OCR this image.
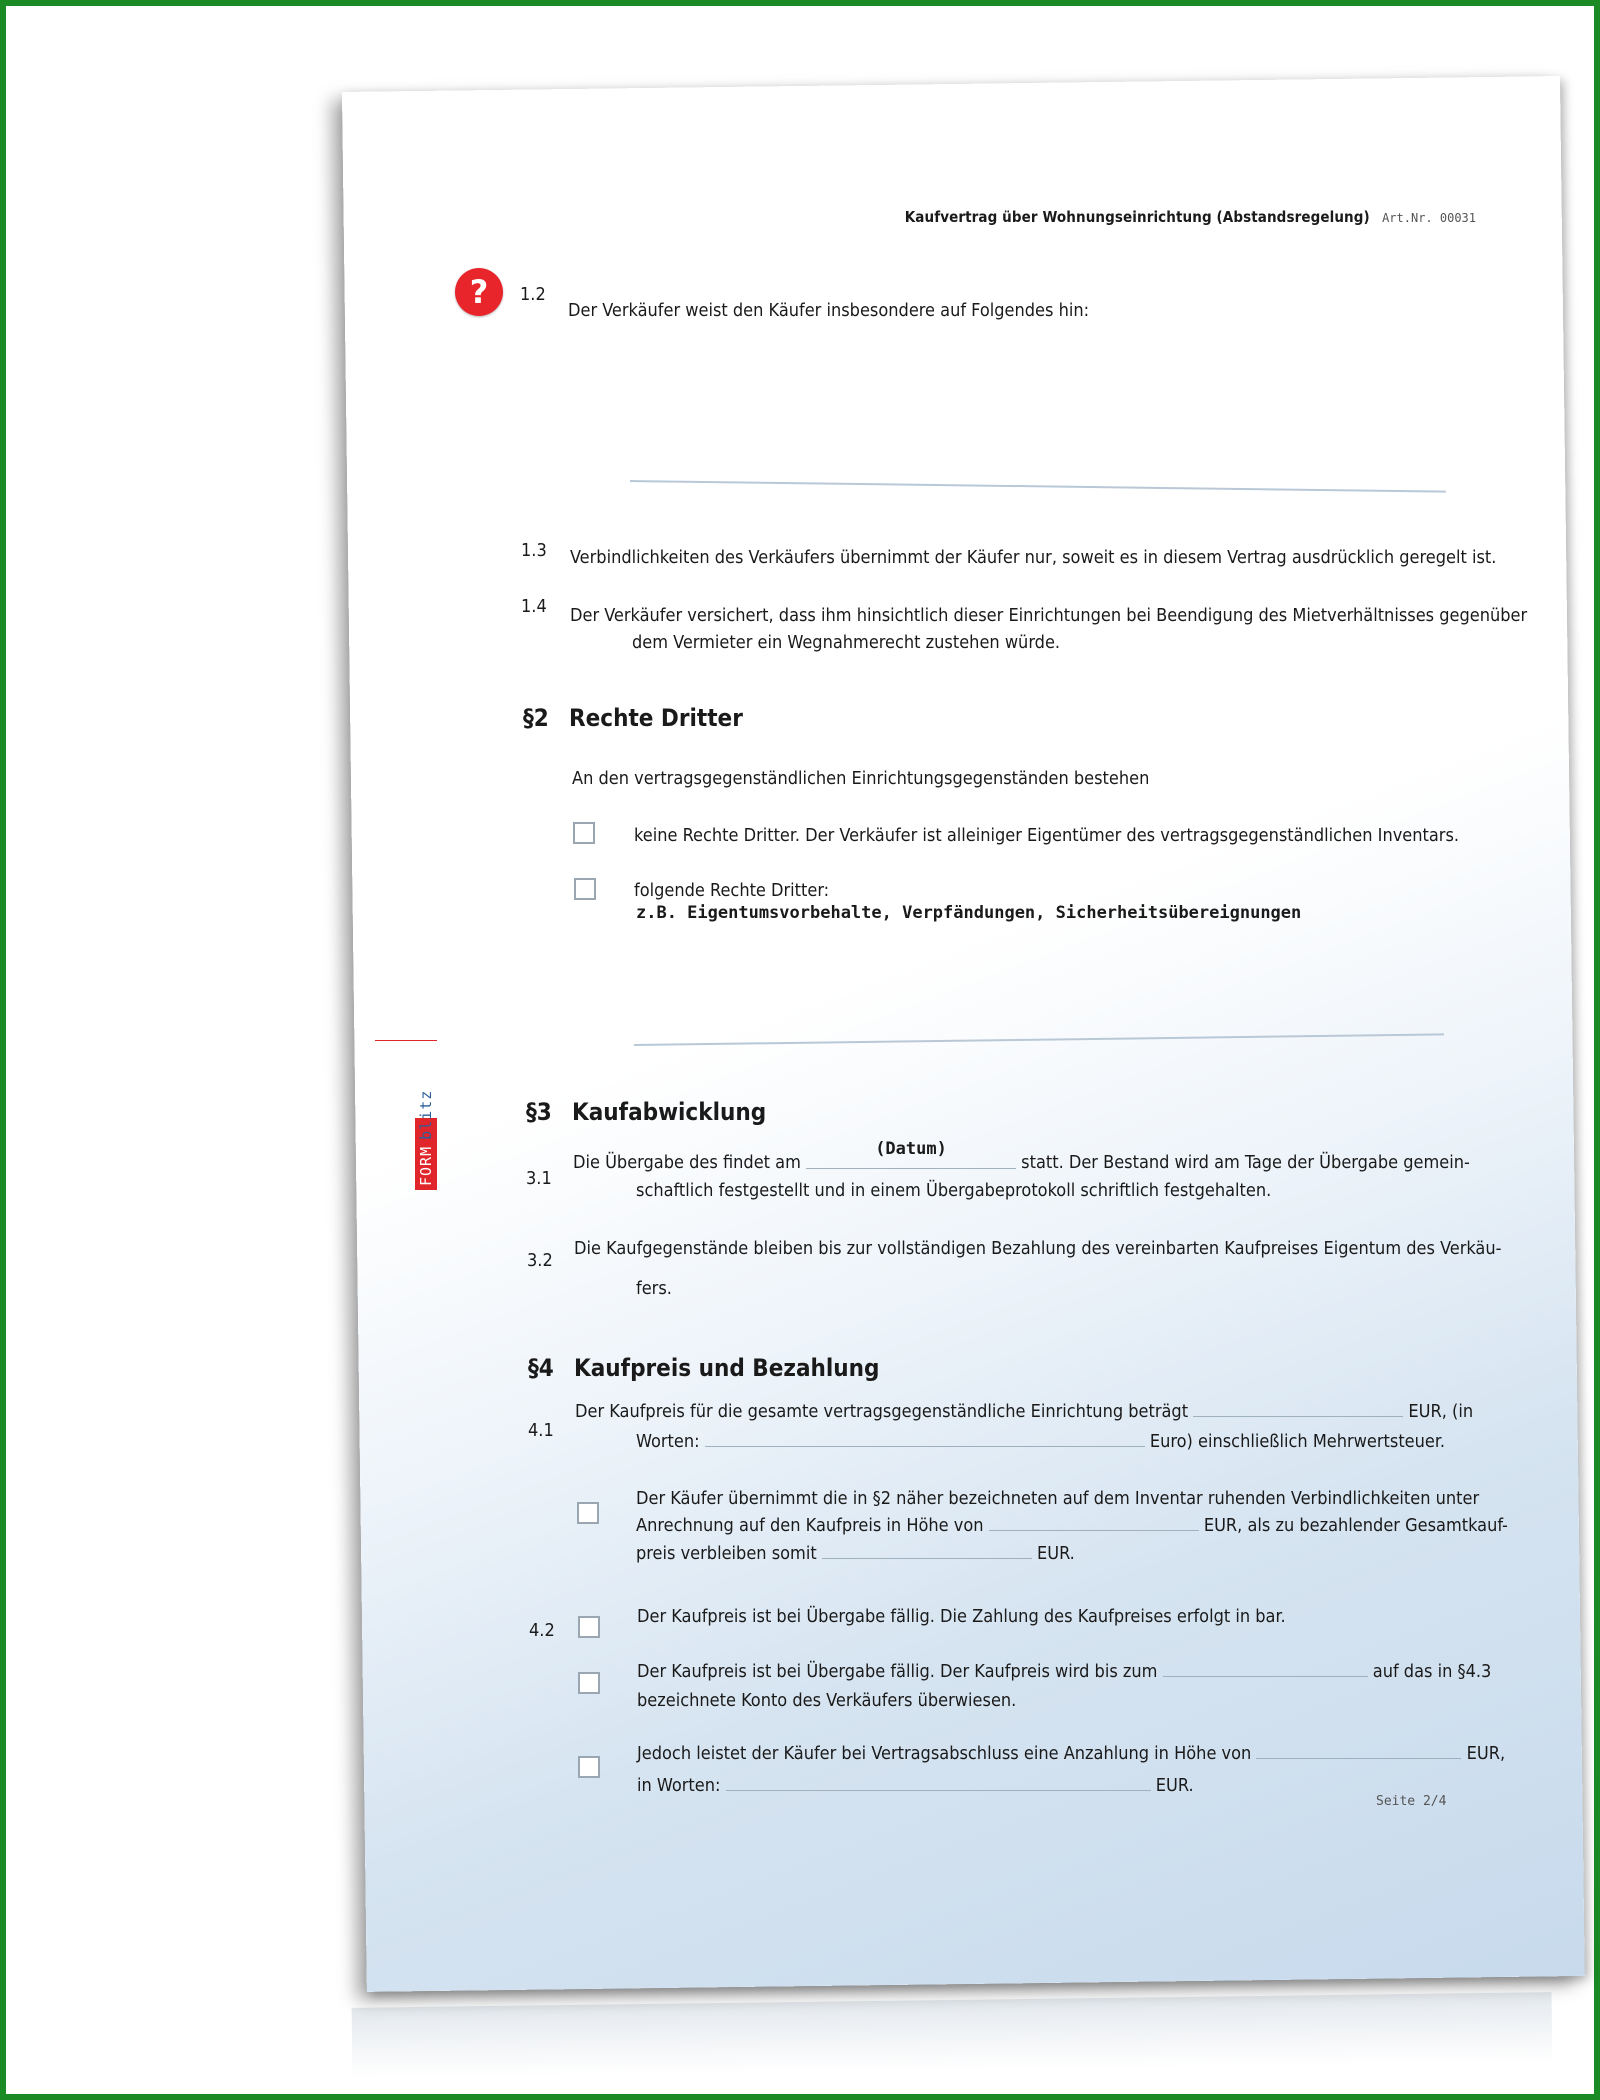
Kaufvertrag über Wohnungseinrichtung (Abstandsregelung) Art.Nr. 00031
?	1.2
Der Verkäufer weist den Käufer insbesondere auf Folgendes hin:
1.3 Verbindlichkeiten des Verkäufers übernimmt der Käufer nur, soweit es in diesem Vertrag ausdrücklich geregelt ist.
1.4 Der Verkäufer versichert, dass ihm hinsichtlich dieser Einrichtungen bei Beendigung des Mietverhältnisses gegenüber
dem Vermieter ein Wegnahmerecht zustehen würde.
§2 Rechte Dritter
An den vertragsgegenständlichen Einrichtungsgegenständen bestehen
keine Rechte Dritter. Der Verkäufer ist alleiniger Eigentümer des vertragsgegenständlichen Inventars.
folgende Rechte Dritter:
z.B. Eigentumsvorbehalte, Verpfändungen, Sicherheitsübereignungen
FORMblitz	§3 Kaufabwicklung
3.1
Die Übergabe des findet am (Datum) statt. Der Bestand wird am Tage der Übergabe gemein-
schaftlich festgestellt und in einem Übergabeprotokoll schriftlich festgehalten.
3.2
Die Kaufgegenstände bleiben bis zur vollständigen Bezahlung des vereinbarten Kaufpreises Eigentum des Verkäu-
fers.
§4 Kaufpreis und Bezahlung
4.1
Der Kaufpreis für die gesamte vertragsgegenständliche Einrichtung beträgt	EUR, (in
Worten:	Euro) einschließlich Mehrwertsteuer.
Der Käufer übernimmt die in §2 näher bezeichneten auf dem Inventar ruhenden Verbindlichkeiten unter
Anrechnung auf den Kaufpreis in Höhe von	EUR, als zu bezahlender Gesamtkauf-
preis verbleiben somit	EUR.
4.2
Der Kaufpreis ist bei Übergabe fällig. Die Zahlung des Kaufpreises erfolgt in bar.
Der Kaufpreis ist bei Übergabe fällig. Der Kaufpreis wird bis zum	auf das in §4.3
bezeichnete Konto des Verkäufers überwiesen.
Jedoch leistet der Käufer bei Vertragsabschluss eine Anzahlung in Höhe von	EUR,
in Worten:	EUR.
Seite 2/4
